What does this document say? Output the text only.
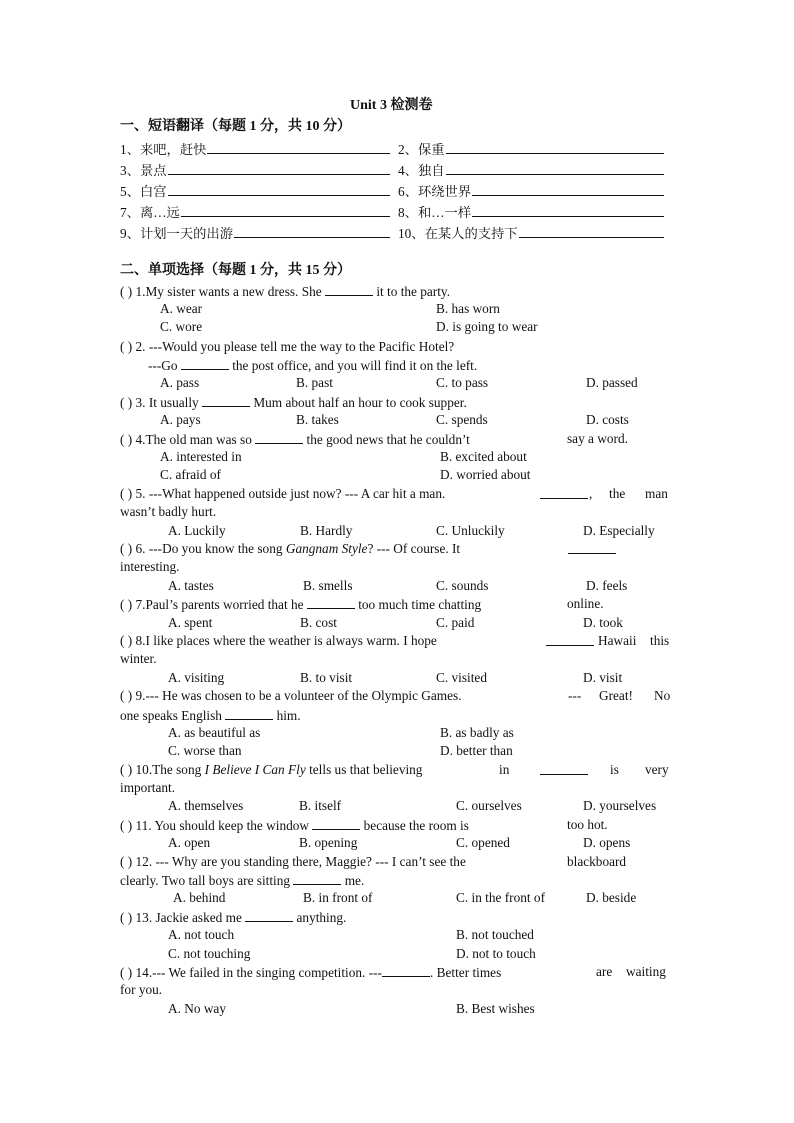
Unit 3 检测卷
一、短语翻译（每题 1 分，共 10 分）
1、来吧，赶快	2、保重
3、景点	4、独自
5、白宫	6、环绕世界
7、离…远	8、和…一样
9、计划一天的出游	10、在某人的支持下
二、单项选择（每题 1 分，共 15 分）
( ) 1.My sister wants a new dress. She	it to the party.
A. wear	B. has worn
C. wore	D. is going to wear
( ) 2. ---Would you please tell me the way to the Pacific Hotel?
---Go	the post office, and you will find it on the left.
A. pass	B. past	C. to pass	D. passed
( ) 3. It usually	Mum about half an hour to cook supper.
A. pays	B. takes	C. spends	D. costs
( ) 4.The old man was so	the good news that he couldn’t	say a word.
A. interested in	B. excited about
C. afraid of	D. worried about
( ) 5. ---What happened outside just now? --- A car hit a man.	, the man
wasn’t badly hurt.
A. Luckily	B. Hardly	C. Unluckily	D. Especially
( ) 6. ---Do you know the song Gangnam Style? --- Of course. It
interesting.
A. tastes	B. smells	C. sounds	D. feels
( ) 7.Paul’s parents worried that he	too much time chatting	online.
A. spent	B. cost	C. paid	D. took
( ) 8.I like places where the weather is always warm. I hope	Hawaii this
winter.
A. visiting	B. to visit	C. visited	D. visit
( ) 9.--- He was chosen to be a volunteer of the Olympic Games.	--- Great! No
one speaks English	him.
A. as beautiful as	B. as badly as
C. worse than	D. better than
( ) 10.The song I Believe I Can Fly tells us that believing	in	is very
important.
A. themselves	B. itself	C. ourselves	D. yourselves
( ) 11. You should keep the window	because the room is	too hot.
A. open	B. opening	C. opened	D. opens
( ) 12. --- Why are you standing there, Maggie? --- I can’t see the	blackboard
clearly. Two tall boys are sitting	me.
A. behind	B. in front of	C. in the front of	D. beside
( ) 13. Jackie asked me	anything.
A. not touch	B. not touched
C. not touching	D. not to touch
( ) 14.--- We failed in the singing competition. ---	. Better times	are waiting
for you.
A. No way	B. Best wishes
